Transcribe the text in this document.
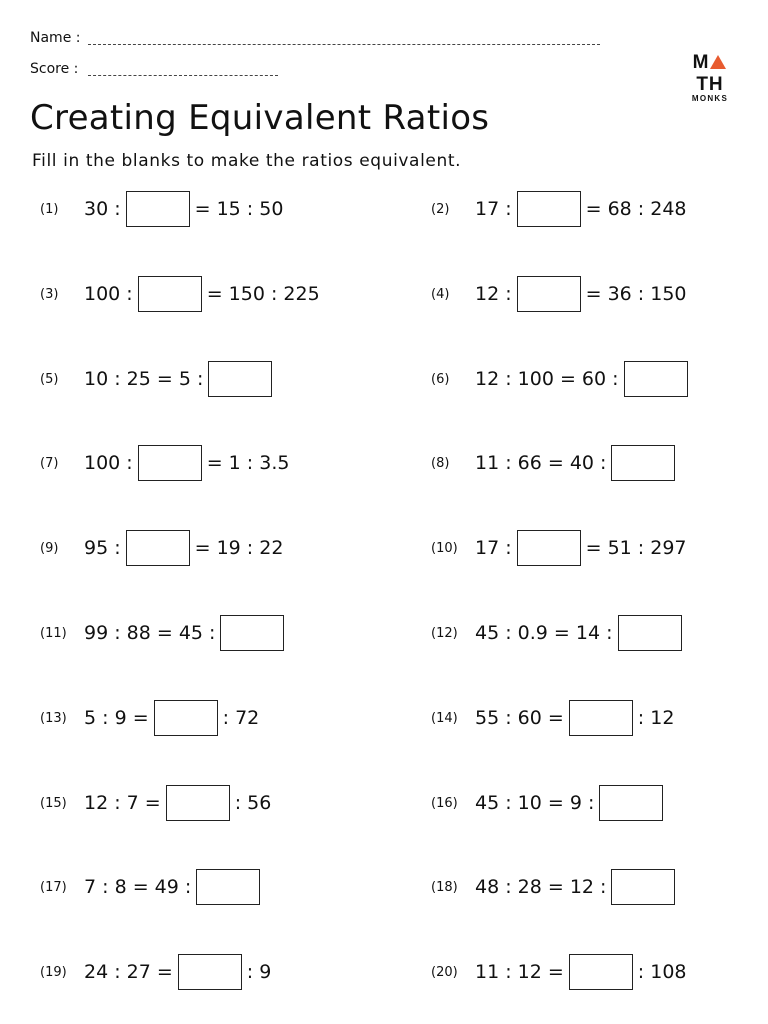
Name :
Score :	MTH
MONKS
Creating Equivalent Ratios
Fill in the blanks to make the ratios equivalent.
(1)	30 :	= 15 : 50	(2)	17 :	= 68 : 248
(3)	100 :	= 150 : 225	(4)	12 :	= 36 : 150
(5)	10 : 25 = 5 :	(6)	12 : 100 = 60 :
(7)	100 :	= 1 : 3.5	(8)	11 : 66 = 40 :
(9)	95 :	= 19 : 22	(10) 17 :	= 51 : 297
(11) 99 : 88 = 45 :	(12) 45 : 0.9 = 14 :
(13) 5 : 9 =	: 72	(14) 55 : 60 =	: 12
(15) 12 : 7 =	: 56	(16) 45 : 10 = 9 :
(17) 7 : 8 = 49 :	(18) 48 : 28 = 12 :
(19) 24 : 27 =	: 9	(20) 11 : 12 =	: 108
